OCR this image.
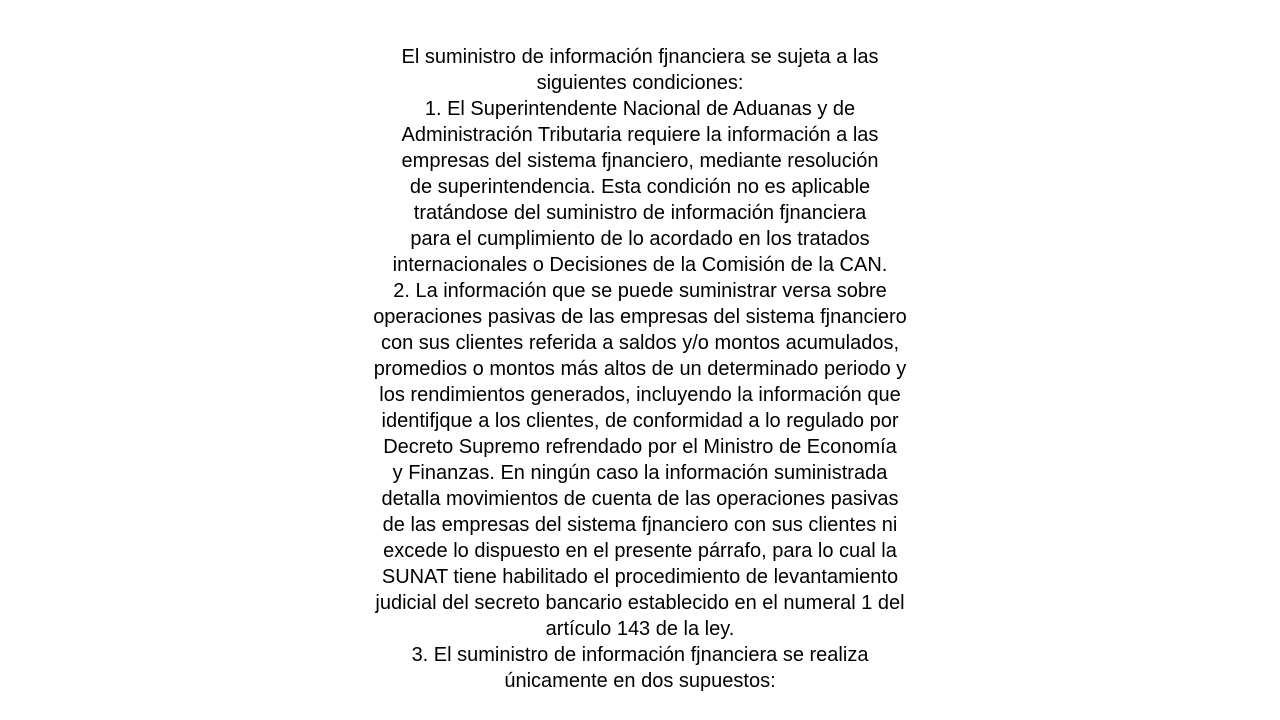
El suministro de información fjnanciera se sujeta a las
siguientes condiciones:
1. El Superintendente Nacional de Aduanas y de
Administración Tributaria requiere la información a las
empresas del sistema fjnanciero, mediante resolución
de superintendencia. Esta condición no es aplicable
tratándose del suministro de información fjnanciera
para el cumplimiento de lo acordado en los tratados
internacionales o Decisiones de la Comisión de la CAN.
2. La información que se puede suministrar versa sobre
operaciones pasivas de las empresas del sistema fjnanciero
con sus clientes referida a saldos y/o montos acumulados,
promedios o montos más altos de un determinado periodo y
los rendimientos generados, incluyendo la información que
identifjque a los clientes, de conformidad a lo regulado por
Decreto Supremo refrendado por el Ministro de Economía
y Finanzas. En ningún caso la información suministrada
detalla movimientos de cuenta de las operaciones pasivas
de las empresas del sistema fjnanciero con sus clientes ni
excede lo dispuesto en el presente párrafo, para lo cual la
SUNAT tiene habilitado el procedimiento de levantamiento
judicial del secreto bancario establecido en el numeral 1 del
artículo 143 de la ley.
3. El suministro de información fjnanciera se realiza
únicamente en dos supuestos:
